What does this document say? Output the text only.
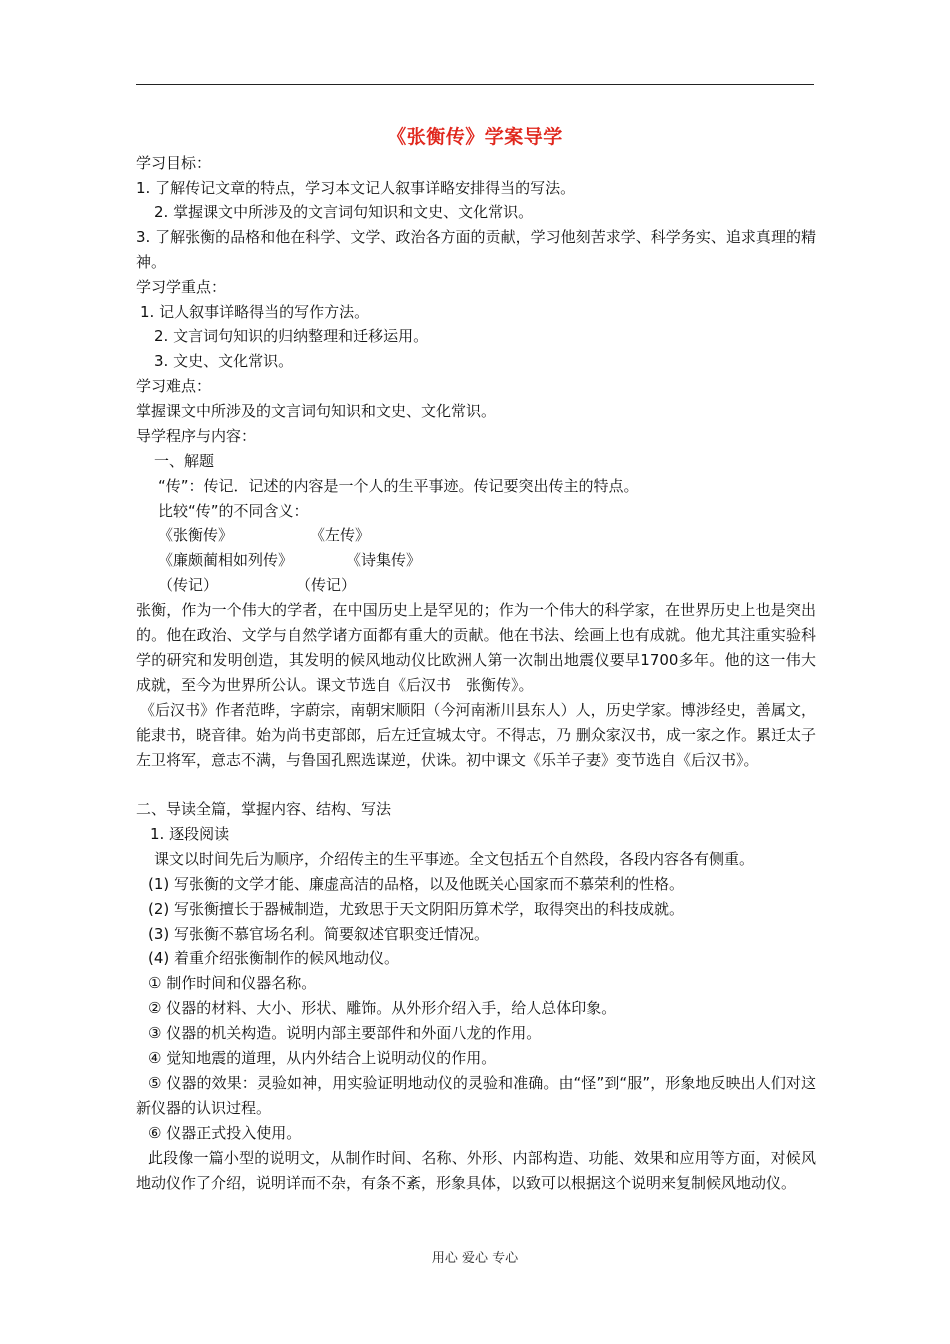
《张衡传》学案导学
学习目标：
1. 了解传记文章的特点，学习本文记人叙事详略安排得当的写法。
2. 掌握课文中所涉及的文言词句知识和文史、文化常识。
3. 了解张衡的品格和他在科学、文学、政治各方面的贡献，学习他刻苦求学、科学务实、追求真理的精神。
学习学重点：
1. 记人叙事详略得当的写作方法。
2. 文言词句知识的归纳整理和迁移运用。
3. 文史、文化常识。
学习难点：
掌握课文中所涉及的文言词句知识和文史、文化常识。
导学程序与内容：
一、解题
“传”：传记．记述的内容是一个人的生平事迹。传记要突出传主的特点。
比较“传”的不同含义：
《张衡传》	《左传》
《廉颇蔺相如列传》	《诗集传》
（传记）	（传记）
张衡，作为一个伟大的学者，在中国历史上是罕见的；作为一个伟大的科学家，在世界历史上也是突出的。他在政治、文学与自然学诸方面都有重大的贡献。他在书法、绘画上也有成就。他尤其注重实验科学的研究和发明创造，其发明的候风地动仪比欧洲人第一次制出地震仪要早1700多年。他的这一伟大成就，至今为世界所公认。课文节选自《后汉书　张衡传》。
《后汉书》作者范晔，字蔚宗，南朝宋顺阳（今河南淅川县东人）人，历史学家。博涉经史，善属文，能隶书，晓音律。始为尚书吏部郎，后左迁宣城太守。不得志，乃 删众家汉书，成一家之作。累迁太子左卫将军，意志不满，与鲁国孔熙选谋逆，伏诛。初中课文《乐羊子妻》变节选自《后汉书》。
二、导读全篇，掌握内容、结构、写法
1. 逐段阅读
课文以时间先后为顺序，介绍传主的生平事迹。全文包括五个自然段，各段内容各有侧重。
(1) 写张衡的文学才能、廉虚高洁的品格，以及他既关心国家而不慕荣利的性格。
(2) 写张衡擅长于器械制造，尤致思于天文阴阳历算术学，取得突出的科技成就。
(3) 写张衡不慕官场名利。简要叙述官职变迁情况。
(4) 着重介绍张衡制作的候风地动仪。
① 制作时间和仪器名称。
② 仪器的材料、大小、形状、雕饰。从外形介绍入手，给人总体印象。
③ 仪器的机关构造。说明内部主要部件和外面八龙的作用。
④ 觉知地震的道理，从内外结合上说明动仪的作用。
⑤ 仪器的效果：灵验如神，用实验证明地动仪的灵验和准确。由“怪”到“服”，形象地反映出人们对这新仪器的认识过程。
⑥ 仪器正式投入使用。
此段像一篇小型的说明文，从制作时间、名称、外形、内部构造、功能、效果和应用等方面，对候风地动仪作了介绍，说明详而不杂，有条不紊，形象具体，以致可以根据这个说明来复制候风地动仪。
用心 爱心 专心
